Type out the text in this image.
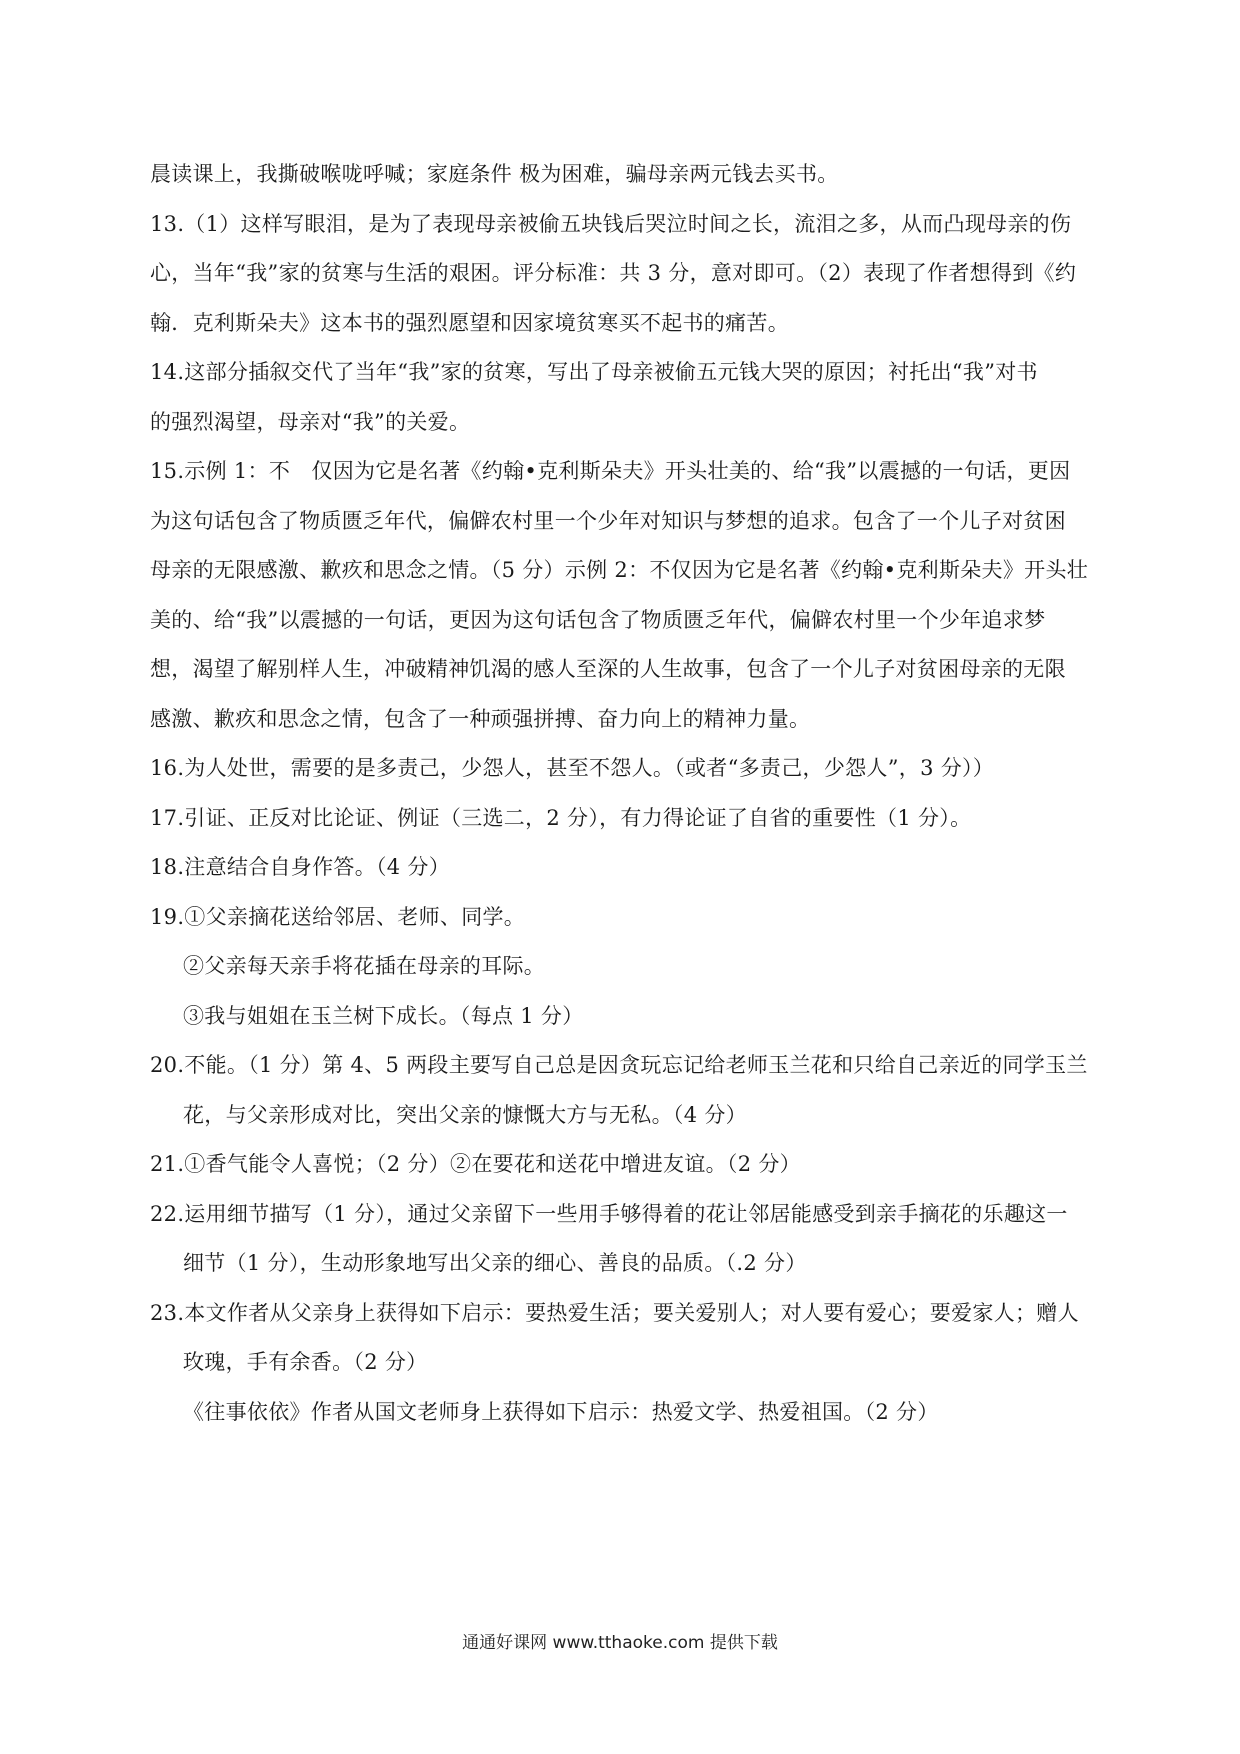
晨读课上，我撕破喉咙呼喊；家庭条件 极为困难，骗母亲两元钱去买书。
13.（1）这样写眼泪，是为了表现母亲被偷五块钱后哭泣时间之长，流泪之多，从而凸现母亲的伤
心，当年“我”家的贫寒与生活的艰困。评分标准：共 3 分，意对即可。（2）表现了作者想得到《约
翰．克利斯朵夫》这本书的强烈愿望和因家境贫寒买不起书的痛苦。
14.这部分插叙交代了当年“我”家的贫寒，写出了母亲被偷五元钱大哭的原因；衬托出“我”对书
的强烈渴望，母亲对“我”的关爱。
15.示例 1：不　仅因为它是名著《约翰•克利斯朵夫》开头壮美的、给“我”以震撼的一句话，更因
为这句话包含了物质匮乏年代，偏僻农村里一个少年对知识与梦想的追求。包含了一个儿子对贫困
母亲的无限感激、歉疚和思念之情。（5 分）示例 2：不仅因为它是名著《约翰•克利斯朵夫》开头壮
美的、给“我”以震撼的一句话，更因为这句话包含了物质匮乏年代，偏僻农村里一个少年追求梦
想，渴望了解别样人生，冲破精神饥渴的感人至深的人生故事，包含了一个儿子对贫困母亲的无限
感激、歉疚和思念之情，包含了一种顽强拼搏、奋力向上的精神力量。
16.为人处世，需要的是多责己，少怨人，甚至不怨人。（或者“多责己，少怨人”，3 分））
17.引证、正反对比论证、例证（三选二，2 分），有力得论证了自省的重要性（1 分）。
18.注意结合自身作答。（4 分）
19.①父亲摘花送给邻居、老师、同学。
②父亲每天亲手将花插在母亲的耳际。
③我与姐姐在玉兰树下成长。（每点 1 分）
20.不能。（1 分）第 4、5 两段主要写自己总是因贪玩忘记给老师玉兰花和只给自己亲近的同学玉兰
花，与父亲形成对比，突出父亲的慷慨大方与无私。（4 分）
21.①香气能令人喜悦；（2 分）②在要花和送花中增进友谊。（2 分）
22.运用细节描写（1 分），通过父亲留下一些用手够得着的花让邻居能感受到亲手摘花的乐趣这一
细节（1 分），生动形象地写出父亲的细心、善良的品质。（.2 分）
23.本文作者从父亲身上获得如下启示：要热爱生活；要关爱别人；对人要有爱心；要爱家人；赠人
玫瑰，手有余香。（2 分）
《往事依依》作者从国文老师身上获得如下启示：热爱文学、热爱祖国。（2 分）
通通好课网 www.tthaoke.com 提供下载
